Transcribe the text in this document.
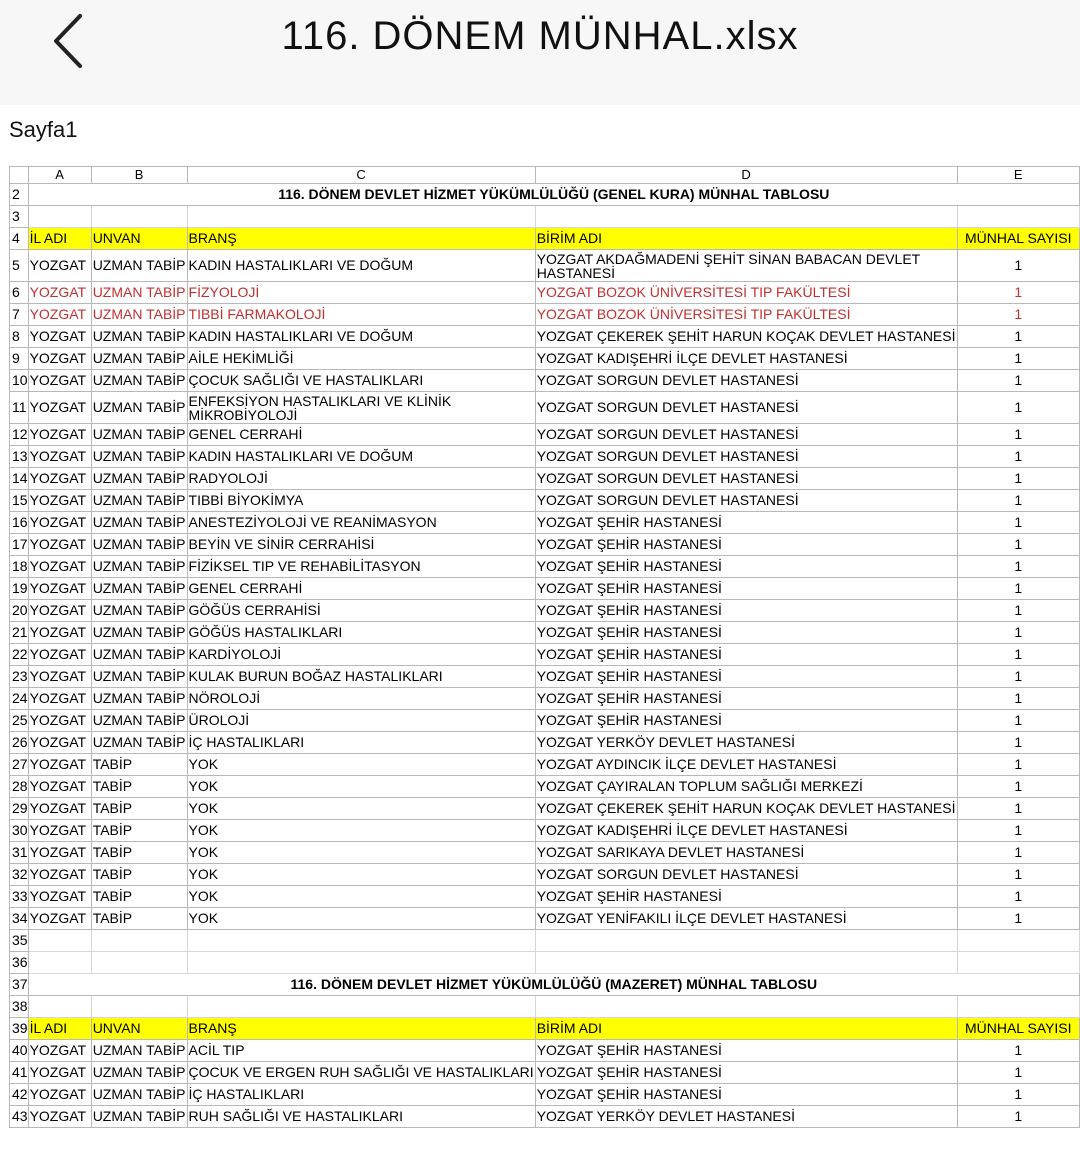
116. DÖNEM MÜNHAL.xlsx
Sayfa1
	A	B	C	D	E
2	116. DÖNEM DEVLET HİZMET YÜKÜMLÜLÜĞÜ (GENEL KURA) MÜNHAL TABLOSU				
3					
4	İL ADI	UNVAN	BRANŞ	BİRİM ADI	MÜNHAL SAYISI
5	YOZGAT	UZMAN TABİP	KADIN HASTALIKLARI VE DOĞUM	YOZGAT AKDAĞMADENİ ŞEHİT SİNAN BABACAN DEVLET HASTANESİ	1
6	YOZGAT	UZMAN TABİP	FİZYOLOJİ	YOZGAT BOZOK ÜNİVERSİTESİ TIP FAKÜLTESİ	1
7	YOZGAT	UZMAN TABİP	TIBBİ FARMAKOLOJİ	YOZGAT BOZOK ÜNİVERSİTESİ TIP FAKÜLTESİ	1
8	YOZGAT	UZMAN TABİP	KADIN HASTALIKLARI VE DOĞUM	YOZGAT ÇEKEREK ŞEHİT HARUN KOÇAK DEVLET HASTANESİ	1
9	YOZGAT	UZMAN TABİP	AİLE HEKİMLİĞİ	YOZGAT KADIŞEHRİ İLÇE DEVLET HASTANESİ	1
10	YOZGAT	UZMAN TABİP	ÇOCUK SAĞLIĞI VE HASTALIKLARI	YOZGAT SORGUN DEVLET HASTANESİ	1
11	YOZGAT	UZMAN TABİP	ENFEKSİYON HASTALIKLARI VE KLİNİK MİKROBİYOLOJİ	YOZGAT SORGUN DEVLET HASTANESİ	1
12	YOZGAT	UZMAN TABİP	GENEL CERRAHİ	YOZGAT SORGUN DEVLET HASTANESİ	1
13	YOZGAT	UZMAN TABİP	KADIN HASTALIKLARI VE DOĞUM	YOZGAT SORGUN DEVLET HASTANESİ	1
14	YOZGAT	UZMAN TABİP	RADYOLOJİ	YOZGAT SORGUN DEVLET HASTANESİ	1
15	YOZGAT	UZMAN TABİP	TIBBİ BİYOKİMYA	YOZGAT SORGUN DEVLET HASTANESİ	1
16	YOZGAT	UZMAN TABİP	ANESTEZİYOLOJİ VE REANİMASYON	YOZGAT ŞEHİR HASTANESİ	1
17	YOZGAT	UZMAN TABİP	BEYİN VE SİNİR CERRAHİSİ	YOZGAT ŞEHİR HASTANESİ	1
18	YOZGAT	UZMAN TABİP	FİZİKSEL TIP VE REHABİLİTASYON	YOZGAT ŞEHİR HASTANESİ	1
19	YOZGAT	UZMAN TABİP	GENEL CERRAHİ	YOZGAT ŞEHİR HASTANESİ	1
20	YOZGAT	UZMAN TABİP	GÖĞÜS CERRAHİSİ	YOZGAT ŞEHİR HASTANESİ	1
21	YOZGAT	UZMAN TABİP	GÖĞÜS HASTALIKLARI	YOZGAT ŞEHİR HASTANESİ	1
22	YOZGAT	UZMAN TABİP	KARDİYOLOJİ	YOZGAT ŞEHİR HASTANESİ	1
23	YOZGAT	UZMAN TABİP	KULAK BURUN BOĞAZ HASTALIKLARI	YOZGAT ŞEHİR HASTANESİ	1
24	YOZGAT	UZMAN TABİP	NÖROLOJİ	YOZGAT ŞEHİR HASTANESİ	1
25	YOZGAT	UZMAN TABİP	ÜROLOJİ	YOZGAT ŞEHİR HASTANESİ	1
26	YOZGAT	UZMAN TABİP	İÇ HASTALIKLARI	YOZGAT YERKÖY DEVLET HASTANESİ	1
27	YOZGAT	TABİP	YOK	YOZGAT AYDINCIK İLÇE DEVLET HASTANESİ	1
28	YOZGAT	TABİP	YOK	YOZGAT ÇAYIRALAN TOPLUM SAĞLIĞI MERKEZİ	1
29	YOZGAT	TABİP	YOK	YOZGAT ÇEKEREK ŞEHİT HARUN KOÇAK DEVLET HASTANESİ	1
30	YOZGAT	TABİP	YOK	YOZGAT KADIŞEHRİ İLÇE DEVLET HASTANESİ	1
31	YOZGAT	TABİP	YOK	YOZGAT SARIKAYA DEVLET HASTANESİ	1
32	YOZGAT	TABİP	YOK	YOZGAT SORGUN DEVLET HASTANESİ	1
33	YOZGAT	TABİP	YOK	YOZGAT ŞEHİR HASTANESİ	1
34	YOZGAT	TABİP	YOK	YOZGAT YENİFAKILI İLÇE DEVLET HASTANESİ	1
35					
36					
37	116. DÖNEM DEVLET HİZMET YÜKÜMLÜLÜĞÜ (MAZERET) MÜNHAL TABLOSU				
38					
39	İL ADI	UNVAN	BRANŞ	BİRİM ADI	MÜNHAL SAYISI
40	YOZGAT	UZMAN TABİP	ACİL TIP	YOZGAT ŞEHİR HASTANESİ	1
41	YOZGAT	UZMAN TABİP	ÇOCUK VE ERGEN RUH SAĞLIĞI VE HASTALIKLARI	YOZGAT ŞEHİR HASTANESİ	1
42	YOZGAT	UZMAN TABİP	İÇ HASTALIKLARI	YOZGAT ŞEHİR HASTANESİ	1
43	YOZGAT	UZMAN TABİP	RUH SAĞLIĞI VE HASTALIKLARI	YOZGAT YERKÖY DEVLET HASTANESİ	1
